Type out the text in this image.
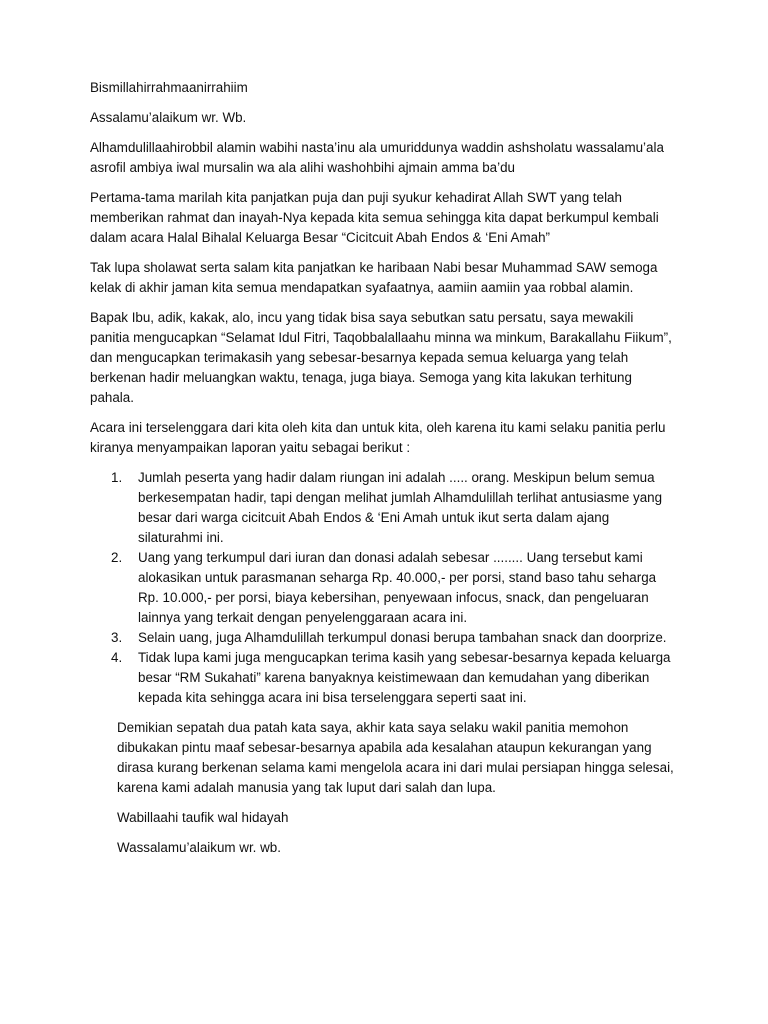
Bismillahirrahmaanirrahiim

Assalamu’alaikum wr. Wb.

Alhamdulillaahirobbil alamin wabihi nasta’inu ala umuriddunya waddin ashsholatu wassalamu’ala asrofil ambiya iwal mursalin wa ala alihi washohbihi ajmain amma ba’du

Pertama-tama marilah kita panjatkan puja dan puji syukur kehadirat Allah SWT yang telah memberikan rahmat dan inayah-Nya kepada kita semua sehingga kita dapat berkumpul kembali dalam acara Halal Bihalal Keluarga Besar “Cicitcuit Abah Endos & ‘Eni Amah”

Tak lupa sholawat serta salam kita panjatkan ke haribaan Nabi besar Muhammad SAW semoga kelak di akhir jaman kita semua mendapatkan syafaatnya, aamiin aamiin yaa robbal alamin.

Bapak Ibu, adik, kakak, alo, incu yang tidak bisa saya sebutkan satu persatu, saya mewakili panitia mengucapkan “Selamat Idul Fitri, Taqobbalallaahu minna wa minkum, Barakallahu Fiikum”, dan mengucapkan terimakasih yang sebesar-besarnya kepada semua keluarga yang telah berkenan hadir meluangkan waktu, tenaga, juga biaya. Semoga yang kita lakukan terhitung pahala.

Acara ini terselenggara dari kita oleh kita dan untuk kita, oleh karena itu kami selaku panitia perlu kiranya menyampaikan laporan yaitu sebagai berikut :

1. Jumlah peserta yang hadir dalam riungan ini adalah ..... orang. Meskipun belum semua berkesempatan hadir, tapi dengan melihat jumlah Alhamdulillah terlihat antusiasme yang besar dari warga cicitcuit Abah Endos & ‘Eni Amah untuk ikut serta dalam ajang silaturahmi ini.
2. Uang yang terkumpul dari iuran dan donasi adalah sebesar ........ Uang tersebut kami alokasikan untuk parasmanan seharga Rp. 40.000,- per porsi, stand baso tahu seharga Rp. 10.000,- per porsi, biaya kebersihan, penyewaan infocus, snack, dan pengeluaran lainnya yang terkait dengan penyelenggaraan acara ini.
3. Selain uang, juga Alhamdulillah terkumpul donasi berupa tambahan snack dan doorprize.
4. Tidak lupa kami juga mengucapkan terima kasih yang sebesar-besarnya kepada keluarga besar “RM Sukahati” karena banyaknya keistimewaan dan kemudahan yang diberikan kepada kita sehingga acara ini bisa terselenggara seperti saat ini.

Demikian sepatah dua patah kata saya, akhir kata saya selaku wakil panitia memohon dibukakan pintu maaf sebesar-besarnya apabila ada kesalahan ataupun kekurangan yang dirasa kurang berkenan selama kami mengelola acara ini dari mulai persiapan hingga selesai, karena kami adalah manusia yang tak luput dari salah dan lupa.

Wabillaahi taufik wal hidayah

Wassalamu’alaikum wr. wb.
